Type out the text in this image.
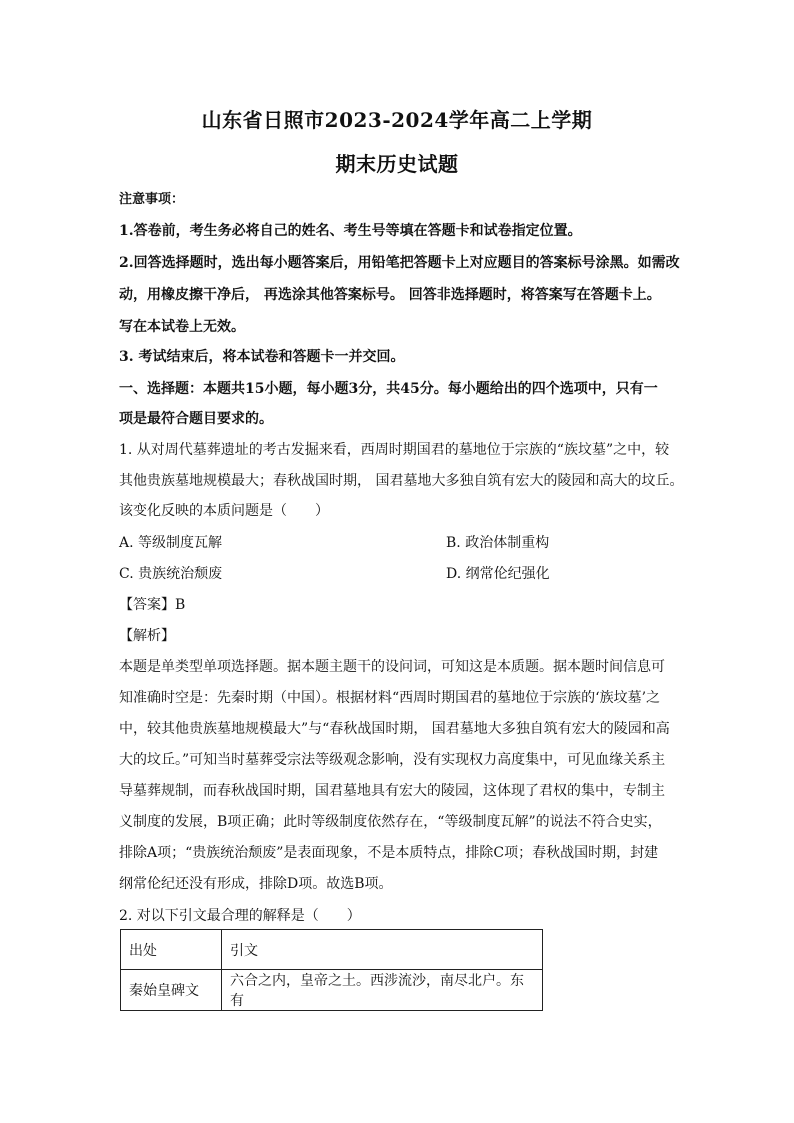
山东省日照市2023-2024学年高二上学期
期末历史试题
注意事项：
1.答卷前，考生务必将自己的姓名、考生号等填在答题卡和试卷指定位置。
2.回答选择题时，选出每小题答案后，用铅笔把答题卡上对应题目的答案标号涂黑。如需改
动，用橡皮擦干净后， 再选涂其他答案标号。 回答非选择题时，将答案写在答题卡上。
写在本试卷上无效。
3. 考试结束后，将本试卷和答题卡一并交回。
一、选择题：本题共15小题，每小题3分，共45分。每小题给出的四个选项中，只有一
项是最符合题目要求的。
1. 从对周代墓葬遗址的考古发掘来看，西周时期国君的墓地位于宗族的“族坟墓”之中，较
其他贵族墓地规模最大；春秋战国时期， 国君墓地大多独自筑有宏大的陵园和高大的坟丘。
该变化反映的本质问题是（　　）
A. 等级制度瓦解	B. 政治体制重构
C. 贵族统治颓废	D. 纲常伦纪强化
【答案】B
【解析】
本题是单类型单项选择题。据本题主题干的设问词，可知这是本质题。据本题时间信息可
知准确时空是：先秦时期（中国）。根据材料“西周时期国君的墓地位于宗族的‘族坟墓’之
中，较其他贵族墓地规模最大”与“春秋战国时期， 国君墓地大多独自筑有宏大的陵园和高
大的坟丘。”可知当时墓葬受宗法等级观念影响，没有实现权力高度集中，可见血缘关系主
导墓葬规制，而春秋战国时期，国君墓地具有宏大的陵园，这体现了君权的集中，专制主
义制度的发展，B项正确；此时等级制度依然存在，“等级制度瓦解”的说法不符合史实，
排除A项；“贵族统治颓废”是表面现象，不是本质特点，排除C项；春秋战国时期，封建
纲常伦纪还没有形成，排除D项。故选B项。
2. 对以下引文最合理的解释是（　　）
出处	引文
秦始皇碑文	六合之内，皇帝之土。西涉流沙，南尽北户。东有
